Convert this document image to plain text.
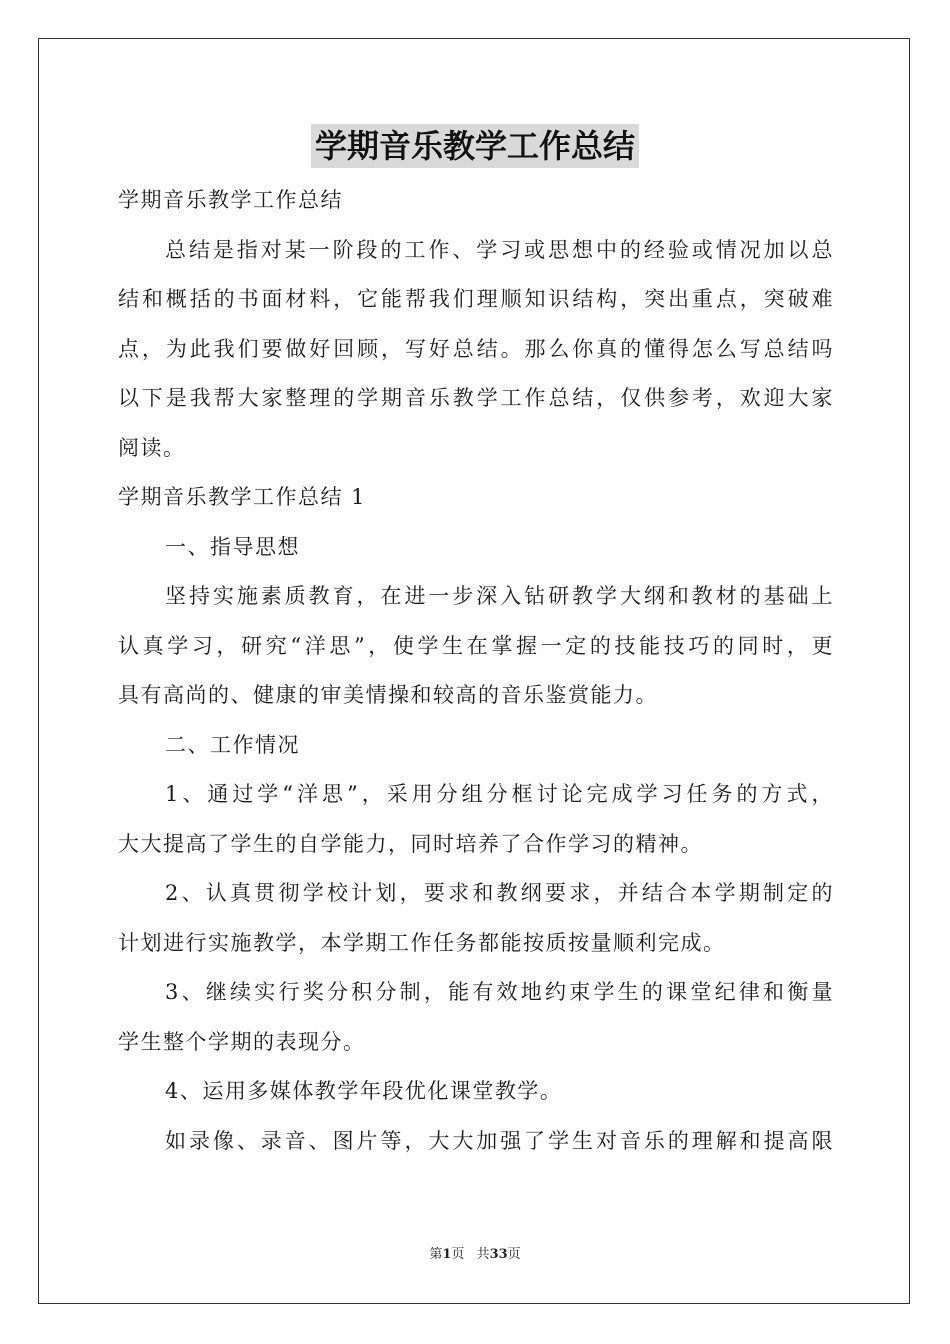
学期音乐教学工作总结
学期音乐教学工作总结
总结是指对某一阶段的工作、学习或思想中的经验或情况加以总
结和概括的书面材料，它能帮我们理顺知识结构，突出重点，突破难
点，为此我们要做好回顾，写好总结。那么你真的懂得怎么写总结吗
以下是我帮大家整理的学期音乐教学工作总结，仅供参考，欢迎大家
阅读。
学期音乐教学工作总结 1
一、指导思想
坚持实施素质教育，在进一步深入钻研教学大纲和教材的基础上
认真学习，研究“洋思”，使学生在掌握一定的技能技巧的同时，更
具有高尚的、健康的审美情操和较高的音乐鉴赏能力。
二、工作情况
1、通过学“洋思”，采用分组分框讨论完成学习任务的方式，
大大提高了学生的自学能力，同时培养了合作学习的精神。
2、认真贯彻学校计划，要求和教纲要求，并结合本学期制定的
计划进行实施教学，本学期工作任务都能按质按量顺利完成。
3、继续实行奖分积分制，能有效地约束学生的课堂纪律和衡量
学生整个学期的表现分。
4、运用多媒体教学年段优化课堂教学。
如录像、录音、图片等，大大加强了学生对音乐的理解和提高限
第1页 共33页
